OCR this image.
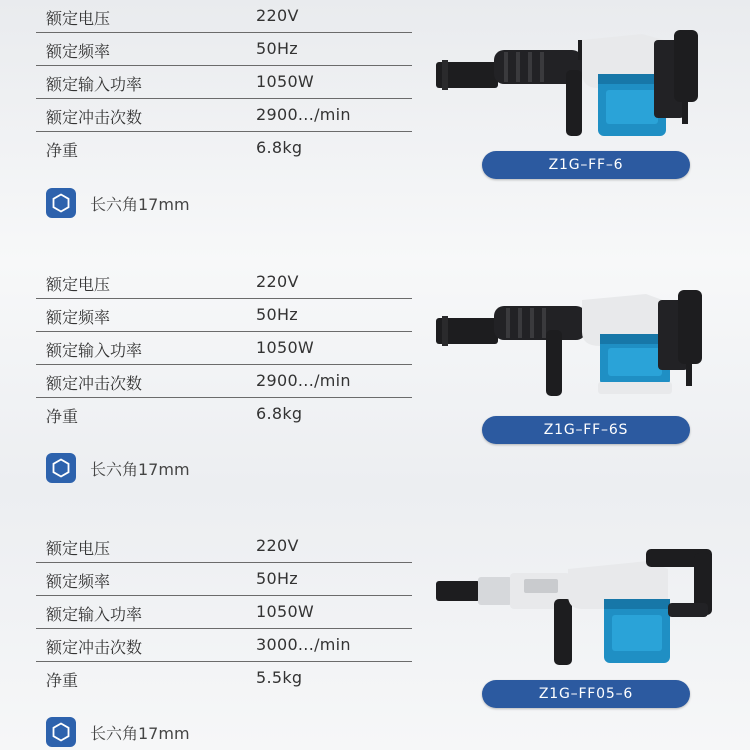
额定电压	220V
额定频率	50Hz
额定输入功率	1050W
额定冲击次数	2900.../min
净重	6.8kg
长六角17mm
Z1G–FF–6
额定电压	220V
额定频率	50Hz
额定输入功率	1050W
额定冲击次数	2900.../min
净重	6.8kg
长六角17mm
Z1G–FF–6S
额定电压	220V
额定频率	50Hz
额定输入功率	1050W
额定冲击次数	3000.../min
净重	5.5kg
长六角17mm
Z1G–FF05–6
